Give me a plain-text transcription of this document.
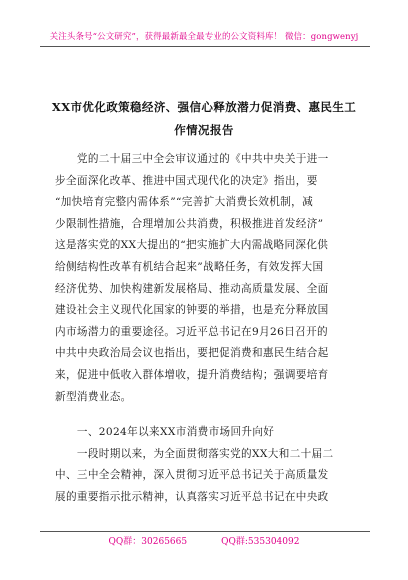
关注头条号“公文研究”，获得最新最全最专业的公文资料库！ 微信：gongwenyj
XX市优化政策稳经济、强信心释放潜力促消费、惠民生工
作情况报告
　　党的二十届三中全会审议通过的《中共中央关于进一
步全面深化改革、推进中国式现代化的决定》指出，要
“加快培育完整内需体系”“完善扩大消费长效机制，减
少限制性措施，合理增加公共消费，积极推进首发经济”
这是落实党的XX大提出的“把实施扩大内需战略同深化供
给侧结构性改革有机结合起来”战略任务，有效发挥大国
经济优势、加快构建新发展格局、推动高质量发展、全面
建设社会主义现代化国家的钟要的举措，也是充分释放国
内市场潜力的重要途径。习近平总书记在9月26日召开的
中共中央政治局会议也指出，要把促消费和惠民生结合起
来，促进中低收入群体增收，提升消费结构；强调要培育
新型消费业态。
　　一、2024年以来XX市消费市场回升向好
　　一段时期以来，为全面贯彻落实党的XX大和二十届二
中、三中全会精神，深入贯彻习近平总书记关于高质量发
展的重要指示批示精神，认真落实习近平总书记在中央政
QQ群：30265665	QQ群:535304092
